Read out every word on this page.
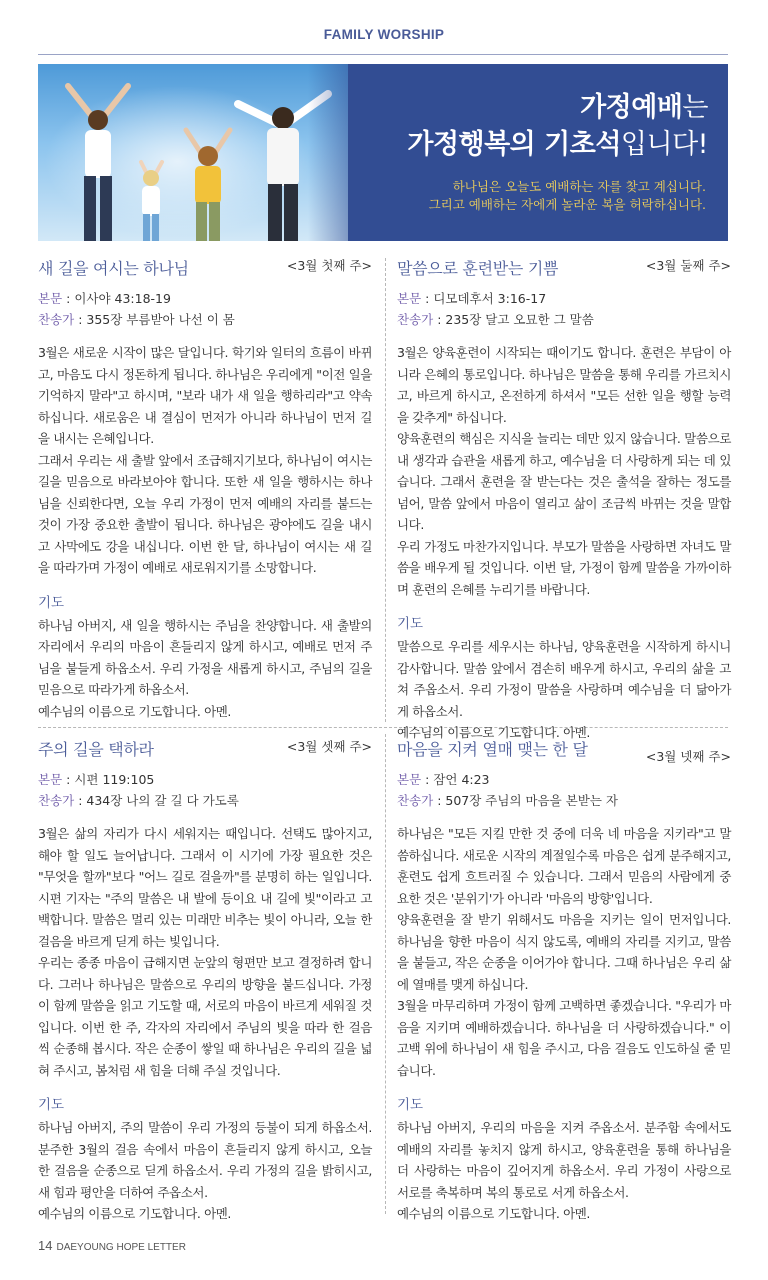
FAMILY WORSHIP
가정예배는
가정행복의 기초석입니다!
하나님은 오늘도 예배하는 자를 찾고 계십니다.
그리고 예배하는 자에게 놀라운 복을 허락하십니다.
새 길을 여시는 하나님	<3월 첫째 주>
본문 : 이사야 43:18-19
찬송가 : 355장 부름받아 나선 이 몸

3월은 새로운 시작이 많은 달입니다. 학기와 일터의 흐름이 바뀌고, 마음도 다시 정돈하게 됩니다. 하나님은 우리에게 "이전 일을 기억하지 말라"고 하시며, "보라 내가 새 일을 행하리라"고 약속하십니다. 새로움은 내 결심이 먼저가 아니라 하나님이 먼저 길을 내시는 은혜입니다.

그래서 우리는 새 출발 앞에서 조급해지기보다, 하나님이 여시는 길을 믿음으로 바라보아야 합니다. 또한 새 일을 행하시는 하나님을 신뢰한다면, 오늘 우리 가정이 먼저 예배의 자리를 붙드는 것이 가장 중요한 출발이 됩니다. 하나님은 광야에도 길을 내시고 사막에도 강을 내십니다. 이번 한 달, 하나님이 여시는 새 길을 따라가며 가정이 예배로 새로워지기를 소망합니다.

기도

하나님 아버지, 새 일을 행하시는 주님을 찬양합니다. 새 출발의 자리에서 우리의 마음이 흔들리지 않게 하시고, 예배로 먼저 주님을 붙들게 하옵소서. 우리 가정을 새롭게 하시고, 주님의 길을 믿음으로 따라가게 하옵소서.

예수님의 이름으로 기도합니다. 아멘.

말씀으로 훈련받는 기쁨	<3월 둘째 주>
본문 : 디모데후서 3:16-17
찬송가 : 235장 달고 오묘한 그 말씀

3월은 양육훈련이 시작되는 때이기도 합니다. 훈련은 부담이 아니라 은혜의 통로입니다. 하나님은 말씀을 통해 우리를 가르치시고, 바르게 하시고, 온전하게 하셔서 "모든 선한 일을 행할 능력을 갖추게" 하십니다.

양육훈련의 핵심은 지식을 늘리는 데만 있지 않습니다. 말씀으로 내 생각과 습관을 새롭게 하고, 예수님을 더 사랑하게 되는 데 있습니다. 그래서 훈련을 잘 받는다는 것은 출석을 잘하는 정도를 넘어, 말씀 앞에서 마음이 열리고 삶이 조금씩 바뀌는 것을 말합니다.

우리 가정도 마찬가지입니다. 부모가 말씀을 사랑하면 자녀도 말씀을 배우게 될 것입니다. 이번 달, 가정이 함께 말씀을 가까이하며 훈련의 은혜를 누리기를 바랍니다.

기도

말씀으로 우리를 세우시는 하나님, 양육훈련을 시작하게 하시니 감사합니다. 말씀 앞에서 겸손히 배우게 하시고, 우리의 삶을 고쳐 주옵소서. 우리 가정이 말씀을 사랑하며 예수님을 더 닮아가게 하옵소서.

예수님의 이름으로 기도합니다. 아멘.

주의 길을 택하라	<3월 셋째 주>
본문 : 시편 119:105
찬송가 : 434장 나의 갈 길 다 가도록

3월은 삶의 자리가 다시 세워지는 때입니다. 선택도 많아지고, 해야 할 일도 늘어납니다. 그래서 이 시기에 가장 필요한 것은 "무엇을 할까"보다 "어느 길로 걸을까"를 분명히 하는 일입니다. 시편 기자는 "주의 말씀은 내 발에 등이요 내 길에 빛"이라고 고백합니다. 말씀은 멀리 있는 미래만 비추는 빛이 아니라, 오늘 한 걸음을 바르게 딛게 하는 빛입니다.

우리는 종종 마음이 급해지면 눈앞의 형편만 보고 결정하려 합니다. 그러나 하나님은 말씀으로 우리의 방향을 붙드십니다. 가정이 함께 말씀을 읽고 기도할 때, 서로의 마음이 바르게 세워질 것입니다. 이번 한 주, 각자의 자리에서 주님의 빛을 따라 한 걸음씩 순종해 봅시다. 작은 순종이 쌓일 때 하나님은 우리의 길을 넓혀 주시고, 봄처럼 새 힘을 더해 주실 것입니다.

기도

하나님 아버지, 주의 말씀이 우리 가정의 등불이 되게 하옵소서. 분주한 3월의 걸음 속에서 마음이 흔들리지 않게 하시고, 오늘 한 걸음을 순종으로 딛게 하옵소서. 우리 가정의 길을 밝히시고, 새 힘과 평안을 더하여 주옵소서.

예수님의 이름으로 기도합니다. 아멘.

마음을 지켜 열매 맺는 한 달	<3월 넷째 주>
본문 : 잠언 4:23
찬송가 : 507장 주님의 마음을 본받는 자

하나님은 "모든 지킬 만한 것 중에 더욱 네 마음을 지키라"고 말씀하십니다. 새로운 시작의 계절일수록 마음은 쉽게 분주해지고, 훈련도 쉽게 흐트러질 수 있습니다. 그래서 믿음의 사람에게 중요한 것은 '분위기'가 아니라 '마음의 방향'입니다.

양육훈련을 잘 받기 위해서도 마음을 지키는 일이 먼저입니다. 하나님을 향한 마음이 식지 않도록, 예배의 자리를 지키고, 말씀을 붙들고, 작은 순종을 이어가야 합니다. 그때 하나님은 우리 삶에 열매를 맺게 하십니다.

3월을 마무리하며 가정이 함께 고백하면 좋겠습니다. "우리가 마음을 지키며 예배하겠습니다. 하나님을 더 사랑하겠습니다." 이 고백 위에 하나님이 새 힘을 주시고, 다음 걸음도 인도하실 줄 믿습니다.

기도

하나님 아버지, 우리의 마음을 지켜 주옵소서. 분주함 속에서도 예배의 자리를 놓치지 않게 하시고, 양육훈련을 통해 하나님을 더 사랑하는 마음이 깊어지게 하옵소서. 우리 가정이 사랑으로 서로를 축복하며 복의 통로로 서게 하옵소서.

예수님의 이름으로 기도합니다. 아멘.

14 DAEYOUNG HOPE LETTER
